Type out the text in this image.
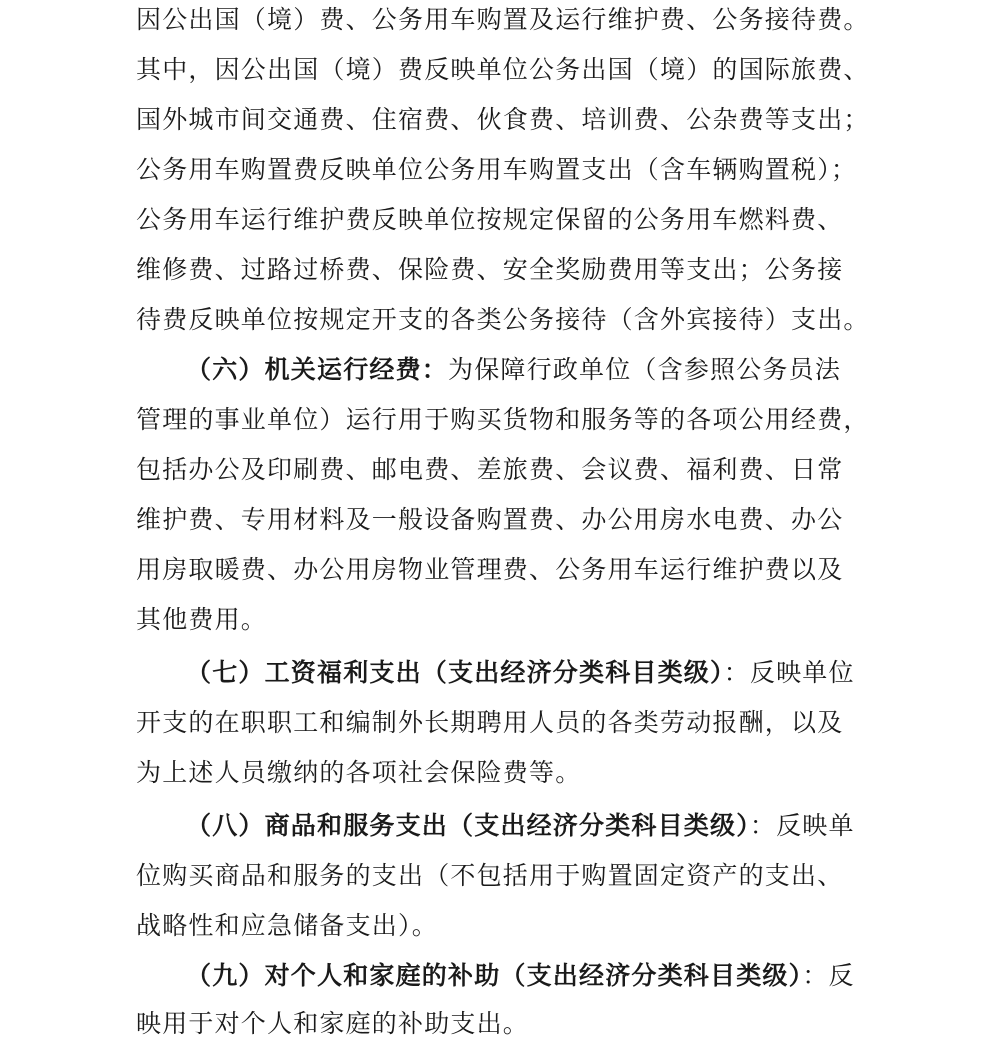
因公出国（境）费、公务用车购置及运行维护费、公务接待费。
其中，因公出国（境）费反映单位公务出国（境）的国际旅费、
国外城市间交通费、住宿费、伙食费、培训费、公杂费等支出；
公务用车购置费反映单位公务用车购置支出（含车辆购置税）；
公务用车运行维护费反映单位按规定保留的公务用车燃料费、
维修费、过路过桥费、保险费、安全奖励费用等支出；公务接
待费反映单位按规定开支的各类公务接待（含外宾接待）支出。
（六）机关运行经费：为保障行政单位（含参照公务员法
管理的事业单位）运行用于购买货物和服务等的各项公用经费，
包括办公及印刷费、邮电费、差旅费、会议费、福利费、日常
维护费、专用材料及一般设备购置费、办公用房水电费、办公
用房取暖费、办公用房物业管理费、公务用车运行维护费以及
其他费用。
（七）工资福利支出（支出经济分类科目类级）：反映单位
开支的在职职工和编制外长期聘用人员的各类劳动报酬，以及
为上述人员缴纳的各项社会保险费等。
（八）商品和服务支出（支出经济分类科目类级）：反映单
位购买商品和服务的支出（不包括用于购置固定资产的支出、
战略性和应急储备支出）。
（九）对个人和家庭的补助（支出经济分类科目类级）：反
映用于对个人和家庭的补助支出。
